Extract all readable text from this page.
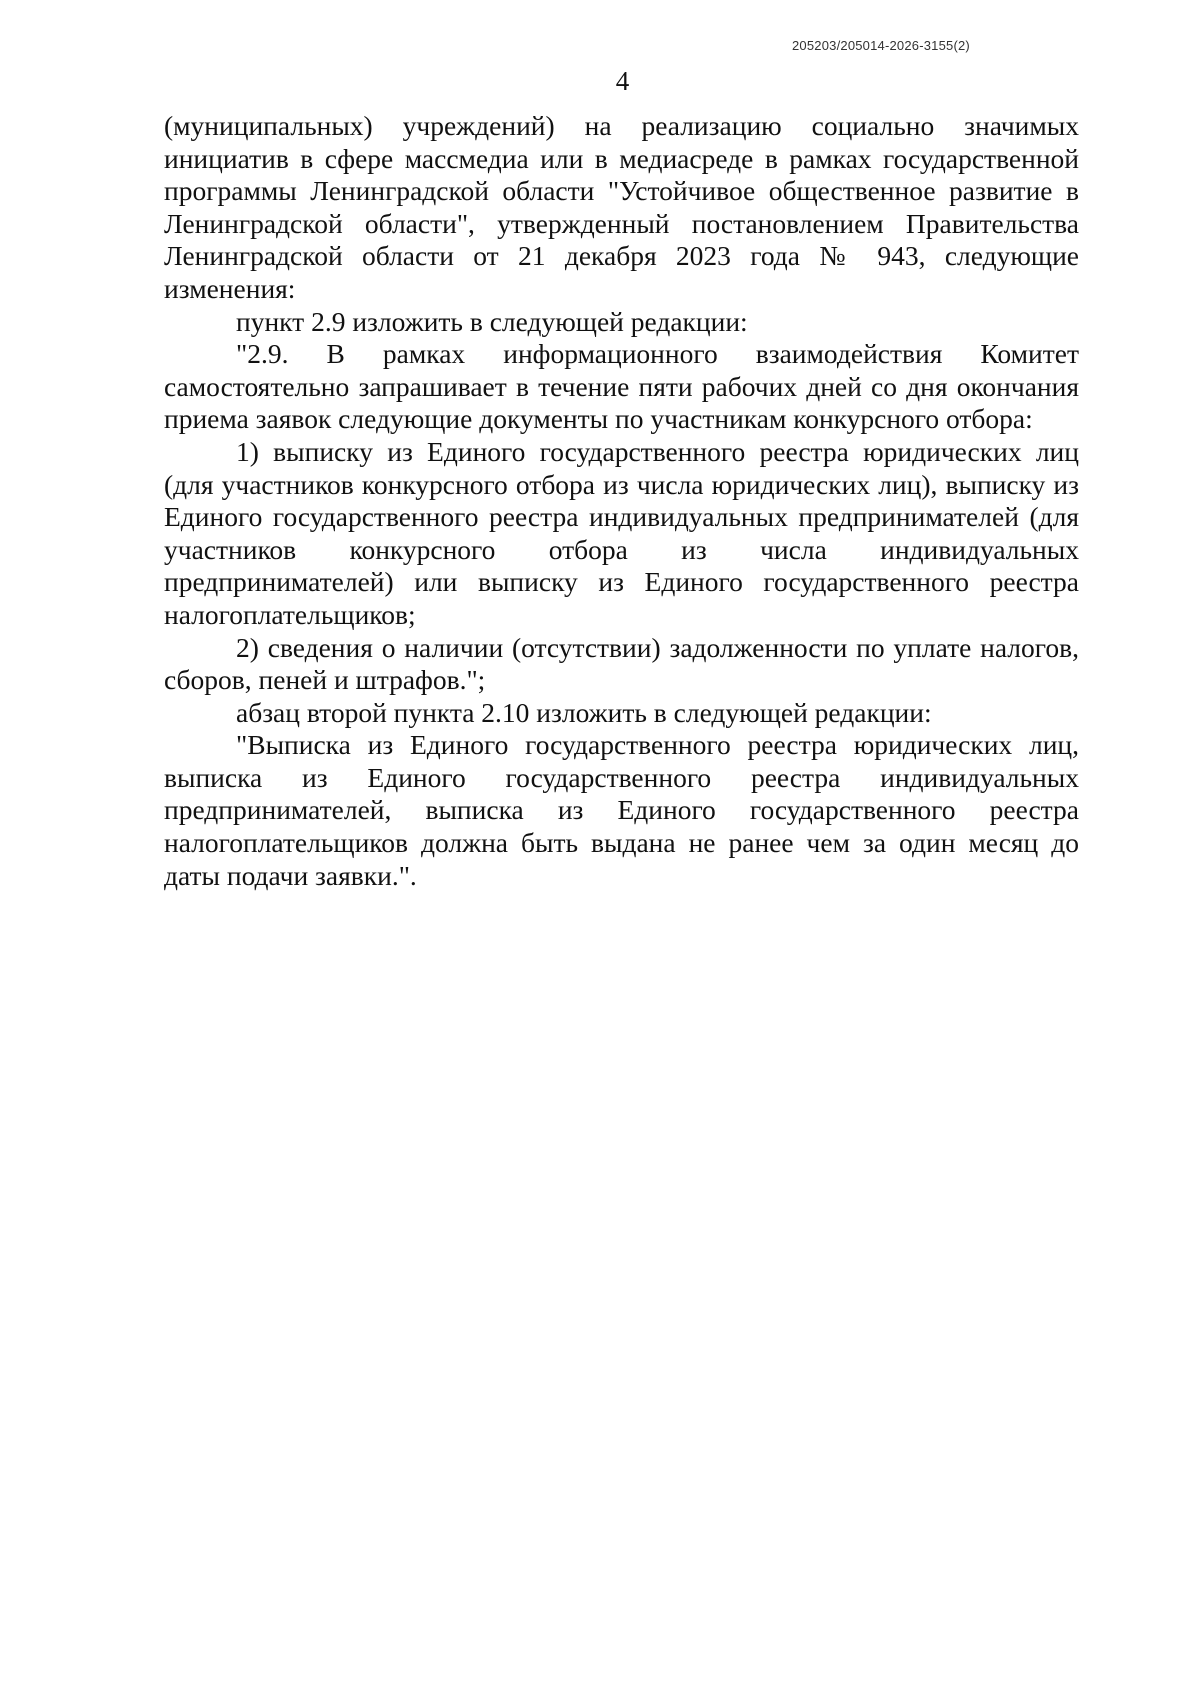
205203/205014-2026-3155(2)
4

(муниципальных) учреждений) на реализацию социально значимых инициатив в сфере массмедиа или в медиасреде в рамках государственной программы Ленинградской области "Устойчивое общественное развитие в Ленинградской области", утвержденный постановлением Правительства Ленинградской области от 21 декабря 2023 года № 943, следующие изменения:

пункт 2.9 изложить в следующей редакции:

"2.9. В рамках информационного взаимодействия Комитет самостоятельно запрашивает в течение пяти рабочих дней со дня окончания приема заявок следующие документы по участникам конкурсного отбора:

1) выписку из Единого государственного реестра юридических лиц (для участников конкурсного отбора из числа юридических лиц), выписку из Единого государственного реестра индивидуальных предпринимателей (для участников конкурсного отбора из числа индивидуальных предпринимателей) или выписку из Единого государственного реестра налогоплательщиков;

2) сведения о наличии (отсутствии) задолженности по уплате налогов, сборов, пеней и штрафов.";

абзац второй пункта 2.10 изложить в следующей редакции:

"Выписка из Единого государственного реестра юридических лиц, выписка из Единого государственного реестра индивидуальных предпринимателей, выписка из Единого государственного реестра налогоплательщиков должна быть выдана не ранее чем за один месяц до даты подачи заявки.".
